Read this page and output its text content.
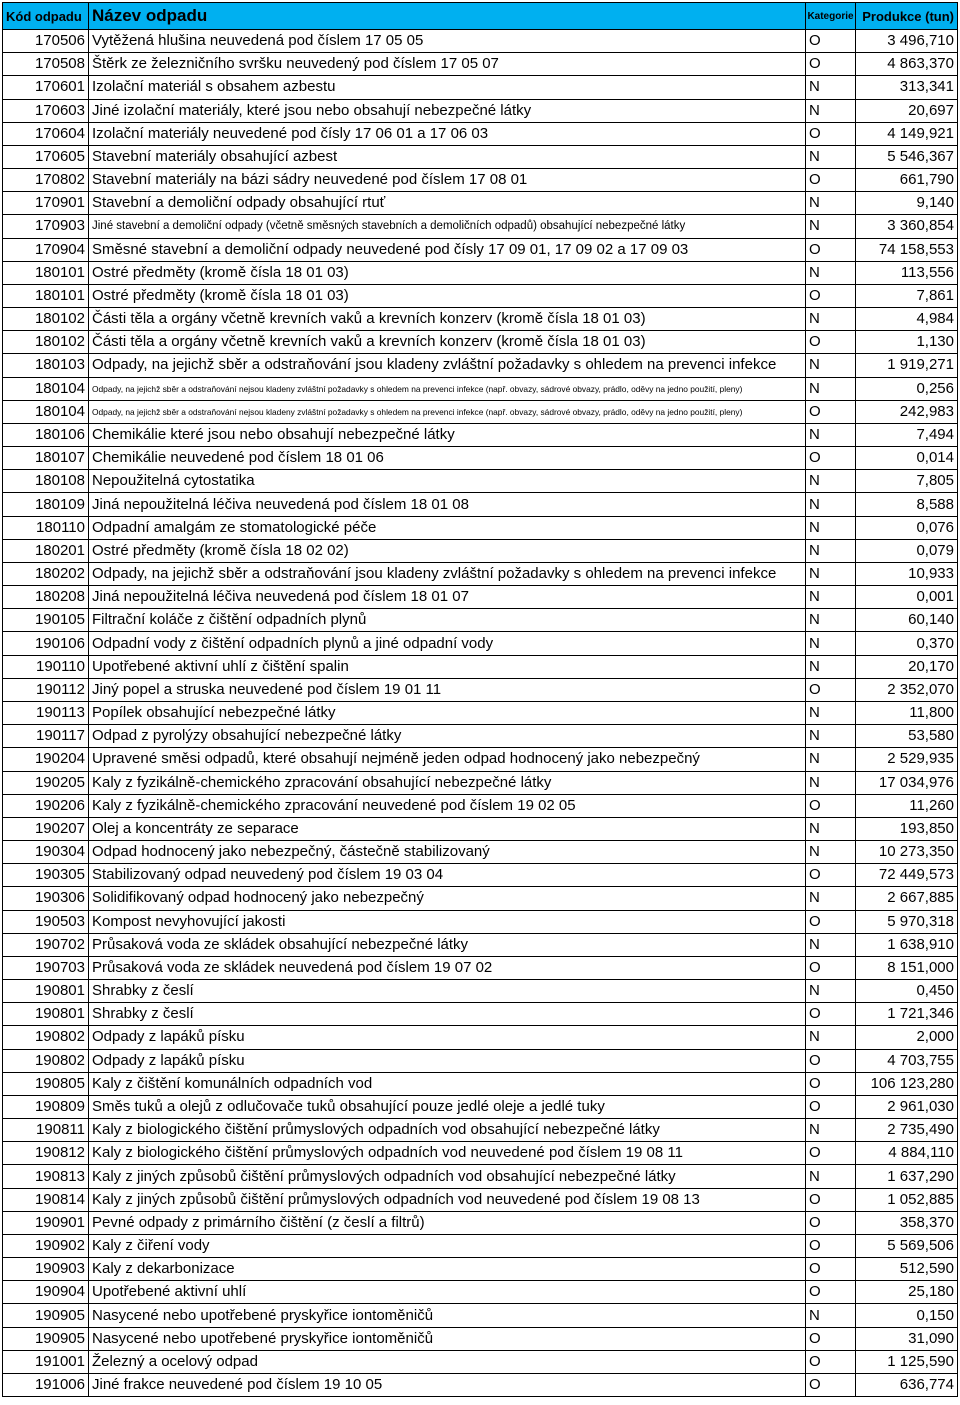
Kód odpadu	Název odpadu	Kategorie	Produkce (tun)
170506	Vytěžená hlušina neuvedená pod číslem 17 05 05	O	3 496,710
170508	Štěrk ze železničního svršku neuvedený pod číslem 17 05 07	O	4 863,370
170601	Izolační materiál s obsahem azbestu	N	313,341
170603	Jiné izolační materiály, které jsou nebo obsahují nebezpečné látky	N	20,697
170604	Izolační materiály neuvedené pod čísly 17 06 01 a 17 06 03	O	4 149,921
170605	Stavební materiály obsahující azbest	N	5 546,367
170802	Stavební materiály na bázi sádry neuvedené pod číslem 17 08 01	O	661,790
170901	Stavební a demoliční odpady obsahující rtuť	N	9,140
170903	Jiné stavební a demoliční odpady (včetně směsných stavebních a demoličních odpadů) obsahující nebezpečné látky	N	3 360,854
170904	Směsné stavební a demoliční odpady neuvedené pod čísly 17 09 01, 17 09 02 a 17 09 03	O	74 158,553
180101	Ostré předměty (kromě čísla 18 01 03)	N	113,556
180101	Ostré předměty (kromě čísla 18 01 03)	O	7,861
180102	Části těla a orgány včetně krevních vaků a krevních konzerv (kromě čísla 18 01 03)	N	4,984
180102	Části těla a orgány včetně krevních vaků a krevních konzerv (kromě čísla 18 01 03)	O	1,130
180103	Odpady, na jejichž sběr a odstraňování jsou kladeny zvláštní požadavky s ohledem na prevenci infekce	N	1 919,271
180104	Odpady, na jejichž sběr a odstraňování nejsou kladeny zvláštní požadavky s ohledem na prevenci infekce (např. obvazy, sádrové obvazy, prádlo, oděvy na jedno použití, pleny)	N	0,256
180104	Odpady, na jejichž sběr a odstraňování nejsou kladeny zvláštní požadavky s ohledem na prevenci infekce (např. obvazy, sádrové obvazy, prádlo, oděvy na jedno použití, pleny)	O	242,983
180106	Chemikálie které jsou nebo obsahují nebezpečné látky	N	7,494
180107	Chemikálie neuvedené pod číslem 18 01 06	O	0,014
180108	Nepoužitelná cytostatika	N	7,805
180109	Jiná nepoužitelná léčiva neuvedená pod číslem 18 01 08	N	8,588
180110	Odpadní amalgám ze stomatologické péče	N	0,076
180201	Ostré předměty (kromě čísla 18 02 02)	N	0,079
180202	Odpady, na jejichž sběr a odstraňování jsou kladeny zvláštní požadavky s ohledem na prevenci infekce	N	10,933
180208	Jiná nepoužitelná léčiva neuvedená pod číslem 18 01 07	N	0,001
190105	Filtrační koláče z čištění odpadních plynů	N	60,140
190106	Odpadní vody z čištění odpadních plynů a jiné odpadní vody	N	0,370
190110	Upotřebené aktivní uhlí z čištění spalin	N	20,170
190112	Jiný popel a struska neuvedené pod číslem 19 01 11	O	2 352,070
190113	Popílek obsahující nebezpečné látky	N	11,800
190117	Odpad z pyrolýzy obsahující nebezpečné látky	N	53,580
190204	Upravené směsi odpadů, které obsahují nejméně jeden odpad hodnocený jako nebezpečný	N	2 529,935
190205	Kaly z fyzikálně-chemického zpracování obsahující nebezpečné látky	N	17 034,976
190206	Kaly z fyzikálně-chemického zpracování neuvedené pod číslem 19 02 05	O	11,260
190207	Olej a koncentráty ze separace	N	193,850
190304	Odpad hodnocený jako nebezpečný, částečně stabilizovaný	N	10 273,350
190305	Stabilizovaný odpad neuvedený pod číslem 19 03 04	O	72 449,573
190306	Solidifikovaný odpad hodnocený jako nebezpečný	N	2 667,885
190503	Kompost nevyhovující jakosti	O	5 970,318
190702	Průsaková voda ze skládek obsahující nebezpečné látky	N	1 638,910
190703	Průsaková voda ze skládek neuvedená pod číslem 19 07 02	O	8 151,000
190801	Shrabky z česlí	N	0,450
190801	Shrabky z česlí	O	1 721,346
190802	Odpady z lapáků písku	N	2,000
190802	Odpady z lapáků písku	O	4 703,755
190805	Kaly z čištění komunálních odpadních vod	O	106 123,280
190809	Směs tuků a olejů z odlučovače tuků obsahující pouze jedlé oleje a jedlé tuky	O	2 961,030
190811	Kaly z biologického čištění průmyslových odpadních vod obsahující nebezpečné látky	N	2 735,490
190812	Kaly z biologického čištění průmyslových odpadních vod neuvedené pod číslem 19 08 11	O	4 884,110
190813	Kaly z jiných způsobů čištění průmyslových odpadních vod obsahující nebezpečné látky	N	1 637,290
190814	Kaly z jiných způsobů čištění průmyslových odpadních vod neuvedené pod číslem 19 08 13	O	1 052,885
190901	Pevné odpady z primárního čištění (z česlí a filtrů)	O	358,370
190902	Kaly z čiření vody	O	5 569,506
190903	Kaly z dekarbonizace	O	512,590
190904	Upotřebené aktivní uhlí	O	25,180
190905	Nasycené nebo upotřebené pryskyřice iontoměničů	N	0,150
190905	Nasycené nebo upotřebené pryskyřice iontoměničů	O	31,090
191001	Železný a ocelový odpad	O	1 125,590
191006	Jiné frakce neuvedené pod číslem 19 10 05	O	636,774
